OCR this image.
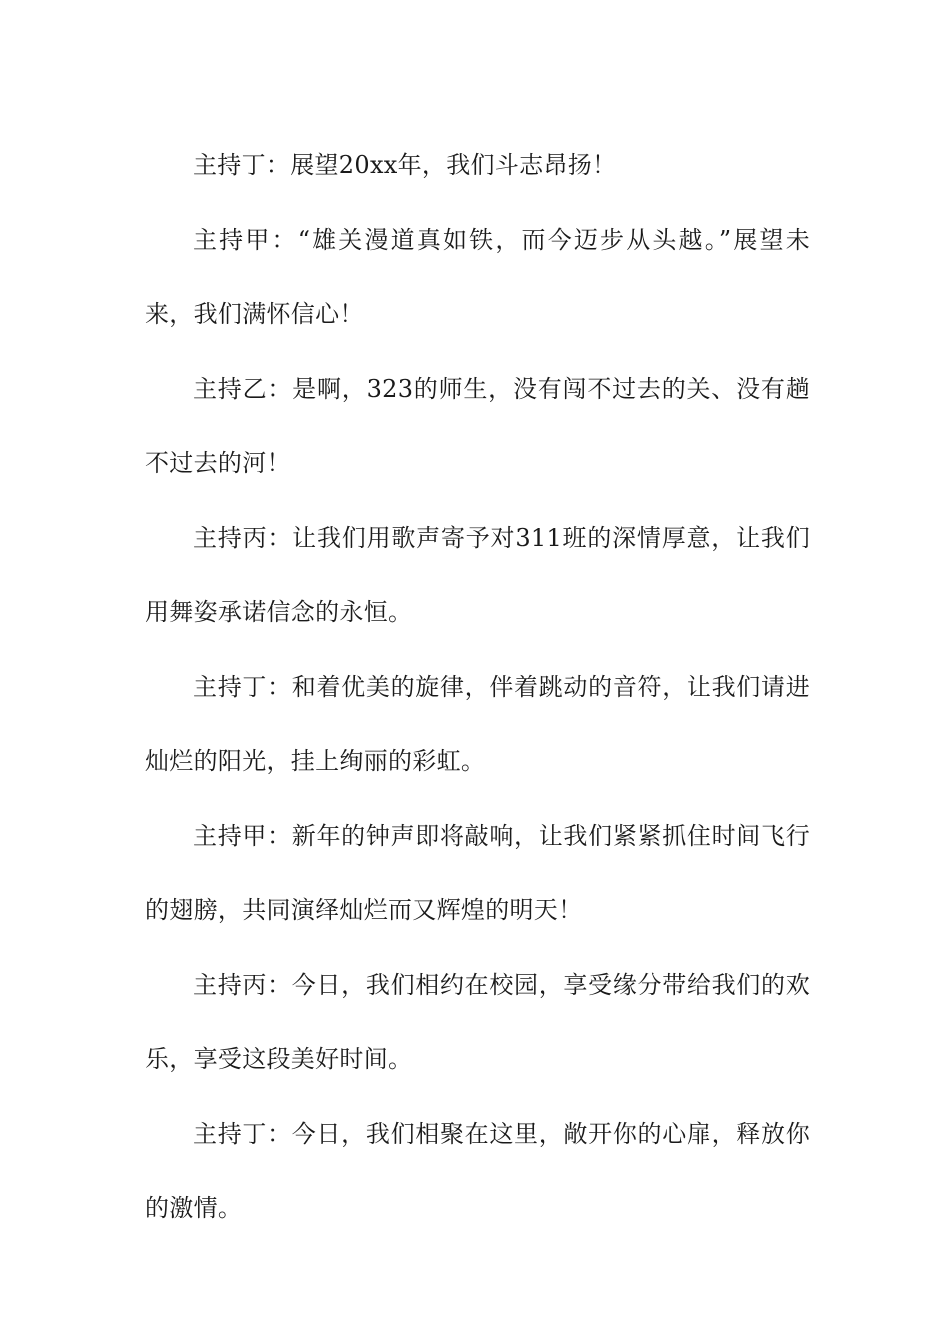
主持丁：展望20xx年，我们斗志昂扬！

主持甲：“雄关漫道真如铁，而今迈步从头越。”展望未来，我们满怀信心！

主持乙：是啊，323的师生，没有闯不过去的关、没有趟不过去的河！

主持丙：让我们用歌声寄予对311班的深情厚意，让我们用舞姿承诺信念的永恒。

主持丁：和着优美的旋律，伴着跳动的音符，让我们请进灿烂的阳光，挂上绚丽的彩虹。

主持甲：新年的钟声即将敲响，让我们紧紧抓住时间飞行的翅膀，共同演绎灿烂而又辉煌的明天！

主持丙：今日，我们相约在校园，享受缘分带给我们的欢乐，享受这段美好时间。

主持丁：今日，我们相聚在这里，敞开你的心扉，释放你的激情。
